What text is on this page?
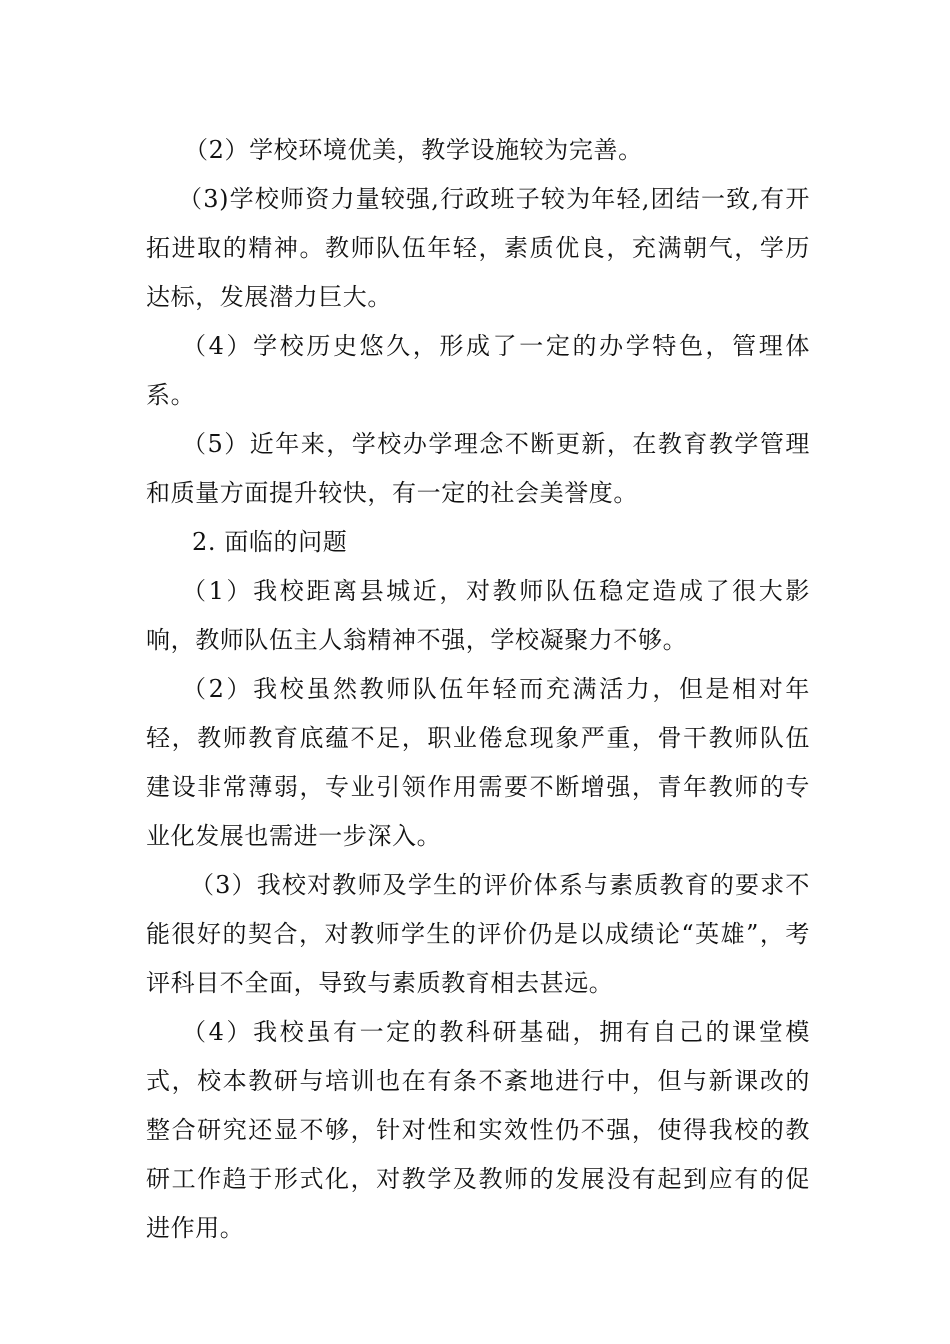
（2）学校环境优美，教学设施较为完善。

（3)学校师资力量较强,行政班子较为年轻,团结一致,有开拓进取的精神。教师队伍年轻，素质优良，充满朝气，学历达标，发展潜力巨大。

（4）学校历史悠久，形成了一定的办学特色，管理体系。

（5）近年来，学校办学理念不断更新，在教育教学管理和质量方面提升较快，有一定的社会美誉度。

2. 面临的问题

（1）我校距离县城近，对教师队伍稳定造成了很大影响，教师队伍主人翁精神不强，学校凝聚力不够。

（2）我校虽然教师队伍年轻而充满活力，但是相对年轻，教师教育底蕴不足，职业倦怠现象严重，骨干教师队伍建设非常薄弱，专业引领作用需要不断增强，青年教师的专业化发展也需进一步深入。

（3）我校对教师及学生的评价体系与素质教育的要求不能很好的契合，对教师学生的评价仍是以成绩论“英雄”，考评科目不全面，导致与素质教育相去甚远。

（4）我校虽有一定的教科研基础，拥有自己的课堂模式，校本教研与培训也在有条不紊地进行中，但与新课改的整合研究还显不够，针对性和实效性仍不强，使得我校的教研工作趋于形式化，对教学及教师的发展没有起到应有的促进作用。
